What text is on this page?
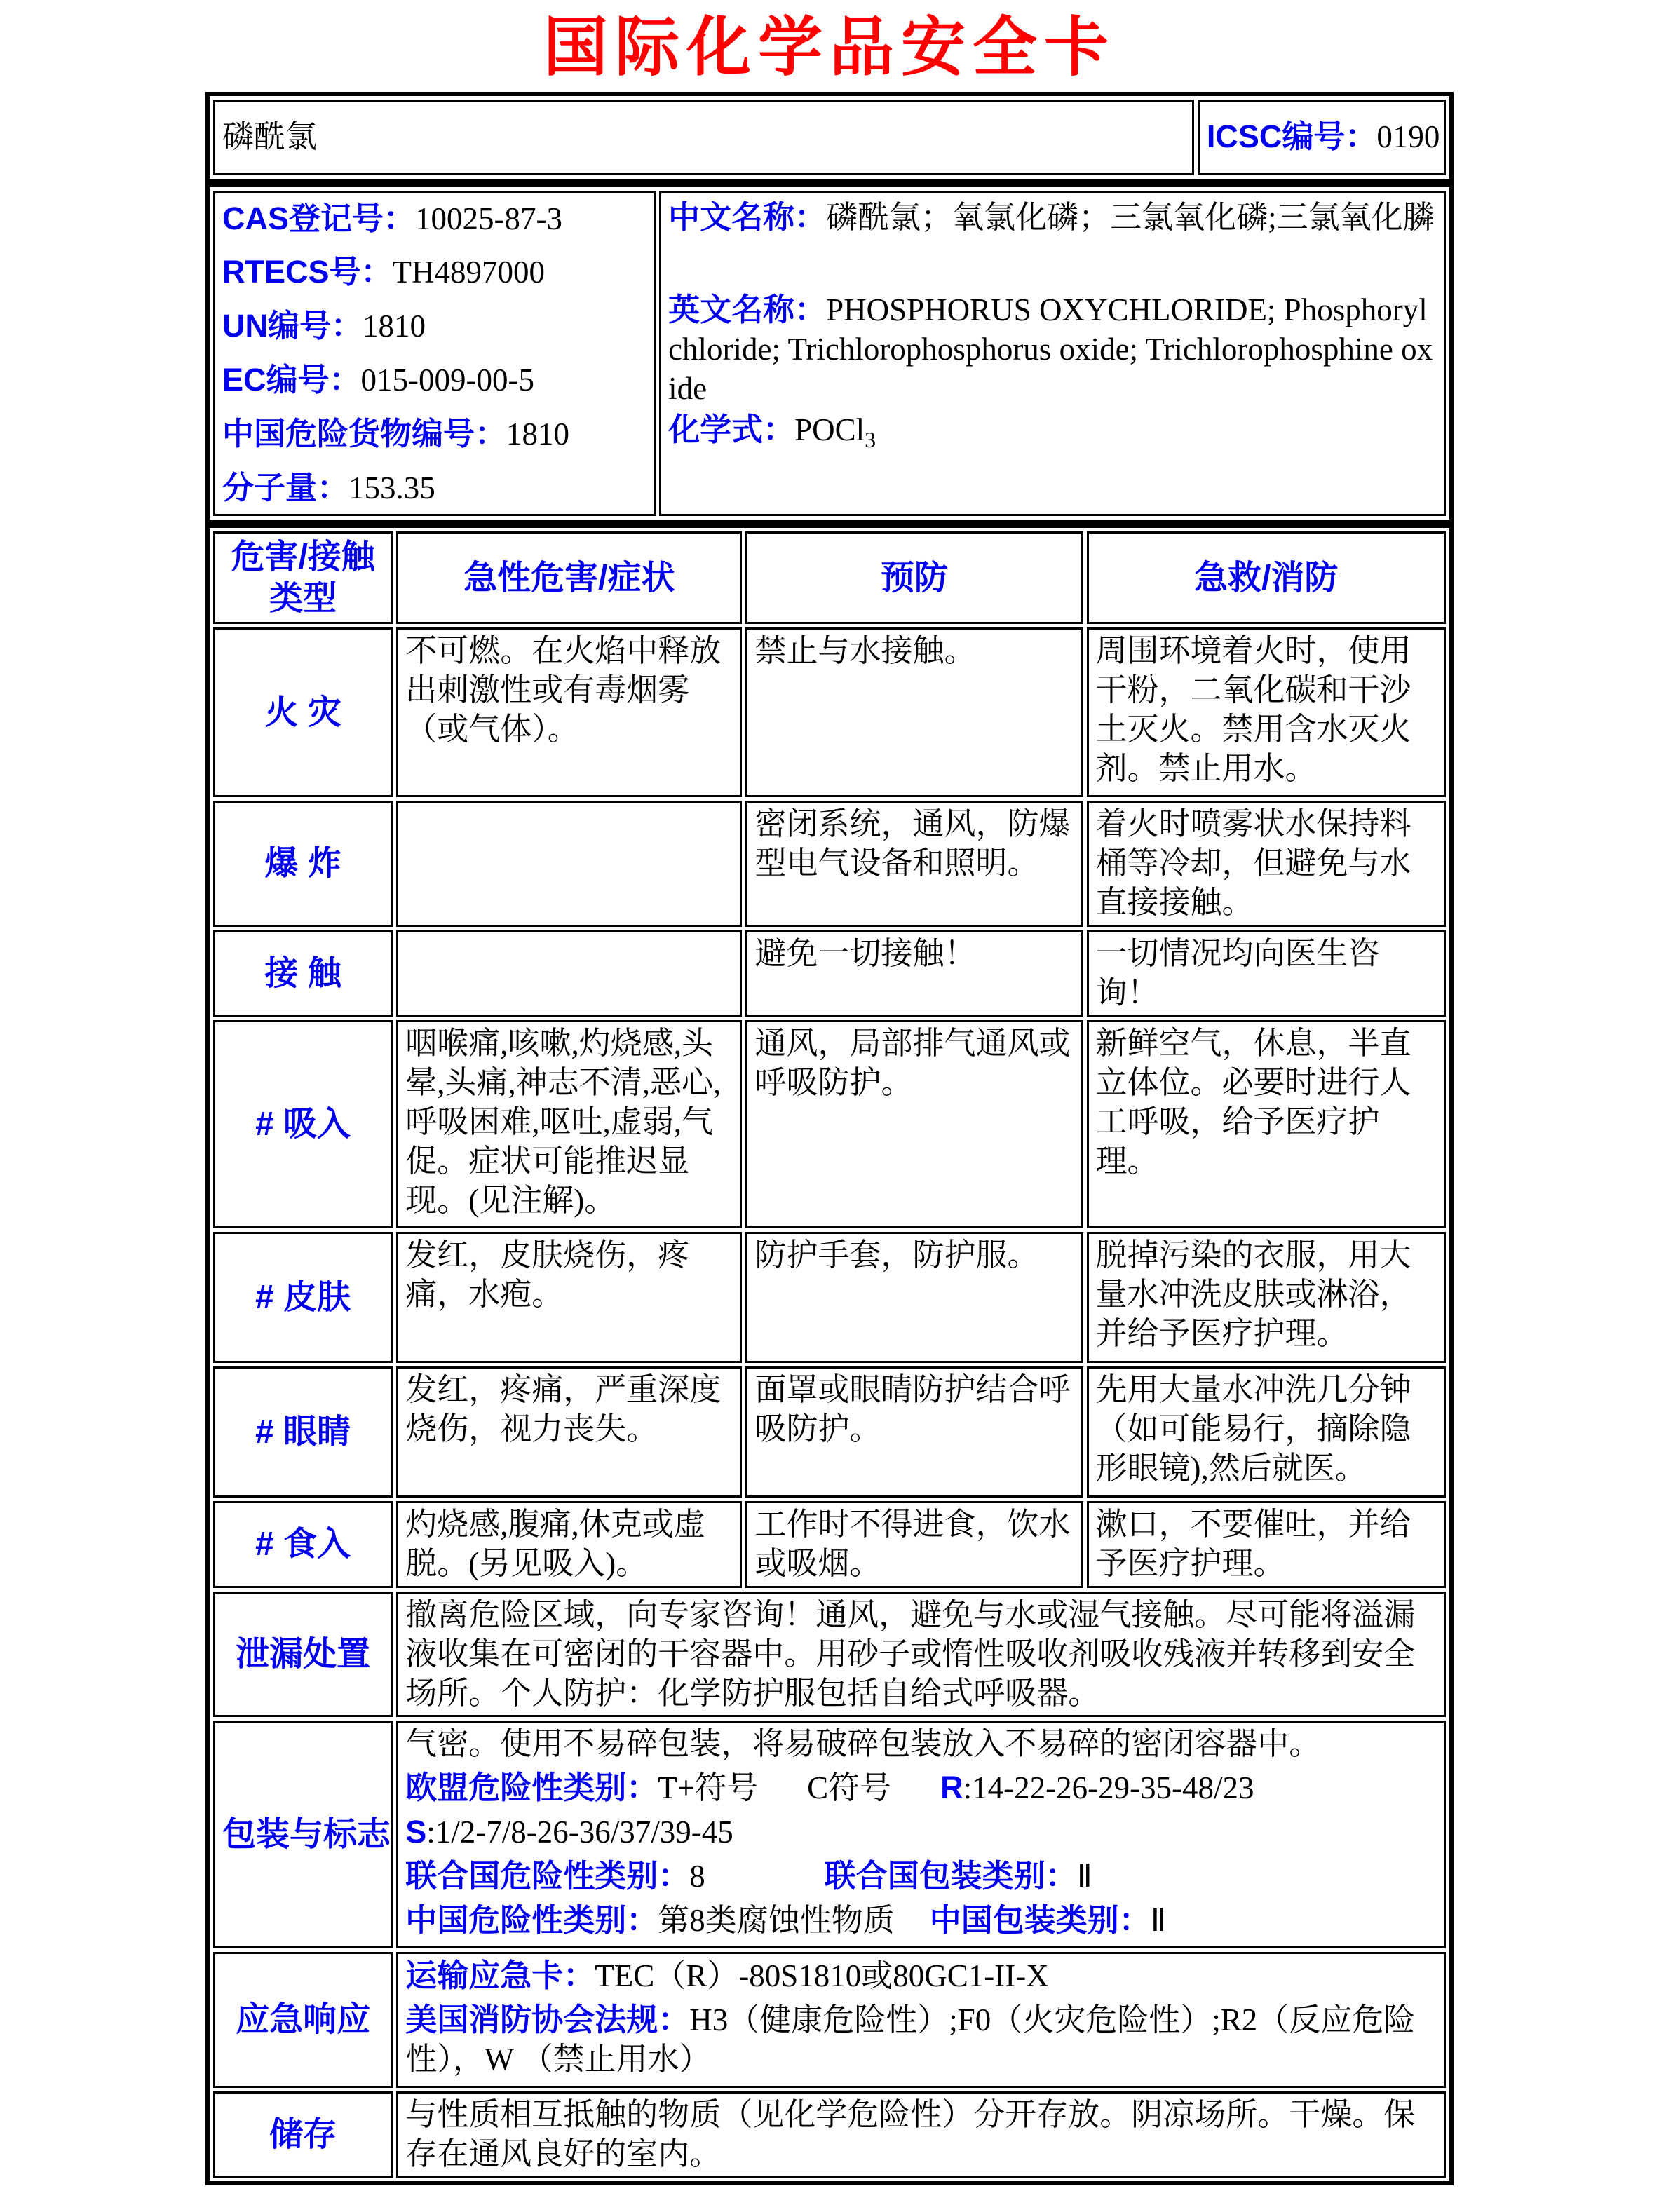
国际化学品安全卡
磷酰氯	ICSC编号：0190
CAS登记号：10025-87-3
RTECS号：TH4897000
UN编号：1810
EC编号：015-009-00-5
中国危险货物编号：1810
分子量：153.35

中文名称：磷酰氯；氧氯化磷；三氯氧化磷;三氯氧化膦
英文名称：PHOSPHORUS OXYCHLORIDE; Phosphoryl chloride; Trichlorophosphorus oxide; Trichlorophosphine oxide
化学式：POCl$_3$
危害/接触类型	急性危害/症状	预防	急救/消防
火 灾	不可燃。在火焰中释放出刺激性或有毒烟雾（或气体）。	禁止与水接触。	周围环境着火时，使用干粉，二氧化碳和干沙土灭火。禁用含水灭火剂。禁止用水。
爆 炸		密闭系统，通风，防爆型电气设备和照明。	着火时喷雾状水保持料桶等冷却，但避免与水直接接触。
接 触		避免一切接触！	一切情况均向医生咨询！
# 吸入	咽喉痛,咳嗽,灼烧感,头晕,头痛,神志不清,恶心,呼吸困难,呕吐,虚弱,气促。症状可能推迟显现。(见注解)。	通风，局部排气通风或呼吸防护。	新鲜空气，休息，半直立体位。必要时进行人工呼吸，给予医疗护理。
# 皮肤	发红，皮肤烧伤，疼痛，水疱。	防护手套，防护服。	脱掉污染的衣服，用大量水冲洗皮肤或淋浴，并给予医疗护理。
# 眼睛	发红，疼痛，严重深度烧伤，视力丧失。	面罩或眼睛防护结合呼吸防护。	先用大量水冲洗几分钟（如可能易行，摘除隐形眼镜),然后就医。
# 食入	灼烧感,腹痛,休克或虚脱。(另见吸入)。	工作时不得进食，饮水或吸烟。	漱口，不要催吐，并给予医疗护理。
泄漏处置	撤离危险区域，向专家咨询！通风，避免与水或湿气接触。尽可能将溢漏液收集在可密闭的干容器中。用砂子或惰性吸收剂吸收残液并转移到安全场所。个人防护：化学防护服包括自给式呼吸器。		
包装与标志	气密。使用不易碎包装，将易破碎包装放入不易碎的密闭容器中。
欧盟危险性类别：T+符号 C符号 R:14-22-26-29-35-48/23
S:1/2-7/8-26-36/37/39-45
联合国危险性类别：8 联合国包装类别：Ⅱ
中国危险性类别：第8类腐蚀性物质 中国包装类别：Ⅱ		

应急响应	运输应急卡：TEC（R）-80S1810或80GC1-II-X
美国消防协会法规：H3（健康危险性）;F0（火灾危险性）;R2（反应危险性），W （禁止用水）		

储存	与性质相互抵触的物质（见化学危险性）分开存放。阴凉场所。干燥。保存在通风良好的室内。		
